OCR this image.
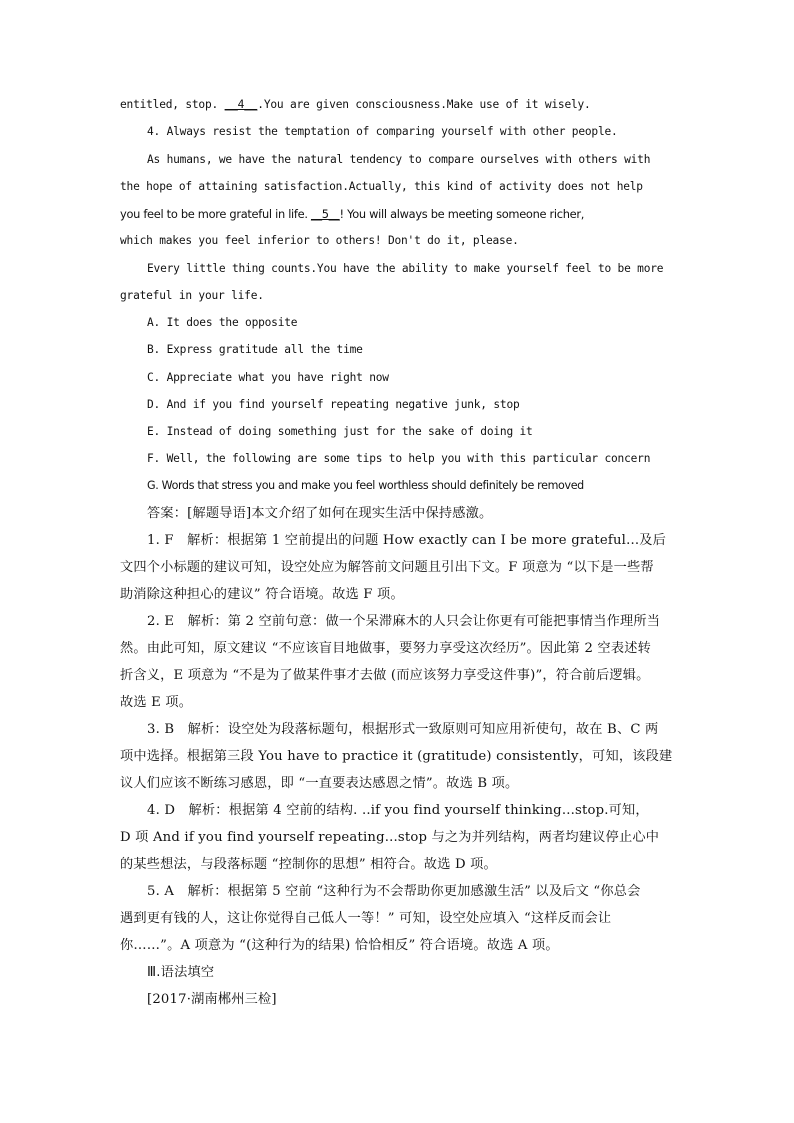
entitled, stop. __4__.You are given consciousness.Make use of it wisely.
4. Always resist the temptation of comparing yourself with other people.
As humans, we have the natural tendency to compare ourselves with others with
the hope of attaining satisfaction.Actually, this kind of activity does not help
you feel to be more grateful in life. __5__! You will always be meeting someone richer,
which makes you feel inferior to others! Don't do it, please.
Every little thing counts.You have the ability to make yourself feel to be more
grateful in your life.
A. It does the opposite
B. Express gratitude all the time
C. Appreciate what you have right now
D. And if you find yourself repeating negative junk, stop
E. Instead of doing something just for the sake of doing it
F. Well, the following are some tips to help you with this particular concern
G. Words that stress you and make you feel worthless should definitely be removed
答案：[解题导语]本文介绍了如何在现实生活中保持感激。
1. F　解析：根据第 1 空前提出的问题 How exactly can I be more grateful...及后
文四个小标题的建议可知，设空处应为解答前文问题且引出下文。F 项意为 “以下是一些帮
助消除这种担心的建议” 符合语境。故选 F 项。
2. E　解析：第 2 空前句意：做一个呆滞麻木的人只会让你更有可能把事情当作理所当
然。由此可知，原文建议 “不应该盲目地做事，要努力享受这次经历”。因此第 2 空表述转
折含义，E 项意为 “不是为了做某件事才去做 (而应该努力享受这件事)”，符合前后逻辑。
故选 E 项。
3. B　解析：设空处为段落标题句，根据形式一致原则可知应用祈使句，故在 B、C 两
项中选择。根据第三段 You have to practice it (gratitude) consistently，可知，该段建
议人们应该不断练习感恩，即 “一直要表达感恩之情”。故选 B 项。
4. D　解析：根据第 4 空前的结构. ..if you find yourself thinking...stop.可知，
D 项 And if you find yourself repeating...stop 与之为并列结构，两者均建议停止心中
的某些想法，与段落标题 “控制你的思想” 相符合。故选 D 项。
5. A　解析：根据第 5 空前 “这种行为不会帮助你更加感激生活” 以及后文 “你总会
遇到更有钱的人，这让你觉得自己低人一等！” 可知，设空处应填入 “这样反而会让
你……”。A 项意为 “(这种行为的结果) 恰恰相反” 符合语境。故选 A 项。
Ⅲ.语法填空
[2017·湖南郴州三检]
